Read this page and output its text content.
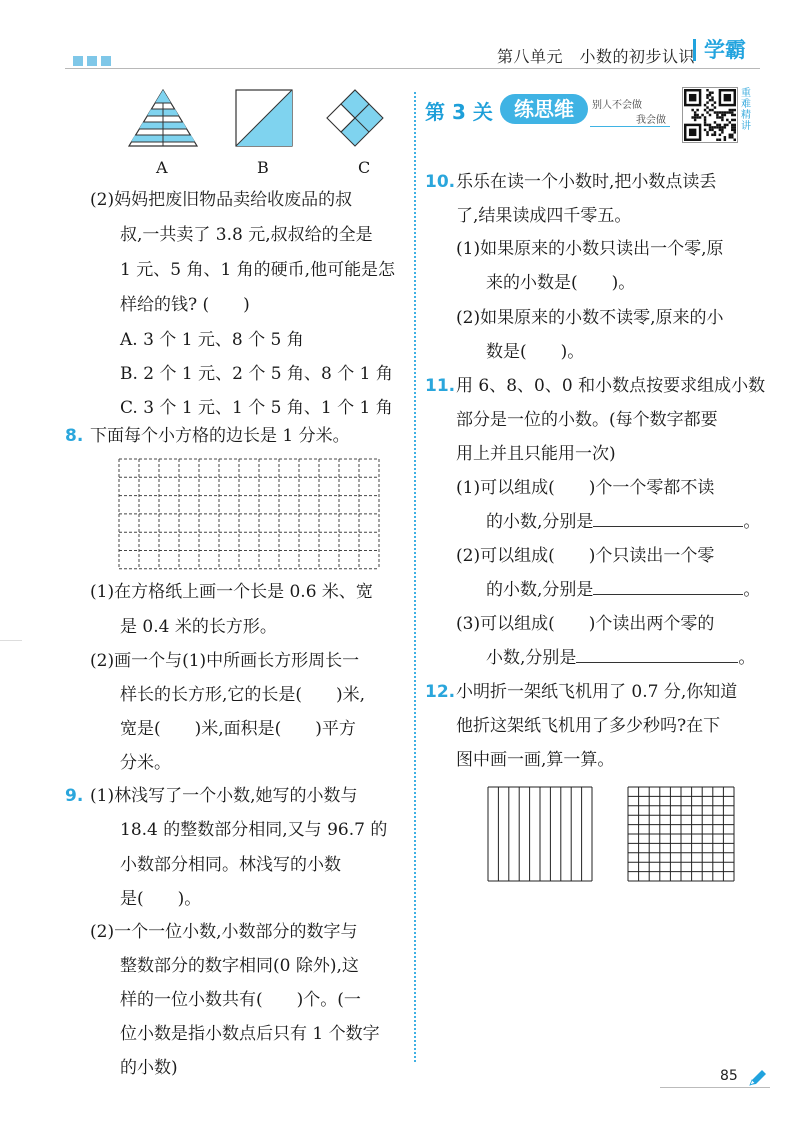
第八单元　小数的初步认识 学霸
A	B	C
(2)妈妈把废旧物品卖给收废品的叔
叔,一共卖了 3.8 元,叔叔给的全是
1 元、5 角、1 角的硬币,他可能是怎
样给的钱? (　　)
A. 3 个 1 元、8 个 5 角
B. 2 个 1 元、2 个 5 角、8 个 1 角
C. 3 个 1 元、1 个 5 角、1 个 1 角
8. 下面每个小方格的边长是 1 分米。
(1)在方格纸上画一个长是 0.6 米、宽
是 0.4 米的长方形。
(2)画一个与(1)中所画长方形周长一
样长的长方形,它的长是(　　)米,
宽是(　　)米,面积是(　　)平方
分米。
9. (1)林浅写了一个小数,她写的小数与
18.4 的整数部分相同,又与 96.7 的
小数部分相同。林浅写的小数
是(　　)。
(2)一个一位小数,小数部分的数字与
整数部分的数字相同(0 除外),这
样的一位小数共有(　　)个。(一
位小数是指小数点后只有 1 个数字
的小数)
第 3 关	练思维	别人不会做
我会做
重难精讲
10. 乐乐在读一个小数时,把小数点读丢
了,结果读成四千零五。
(1)如果原来的小数只读出一个零,原
来的小数是(　　)。
(2)如果原来的小数不读零,原来的小
数是(　　)。
11. 用 6、8、0、0 和小数点按要求组成小数
部分是一位的小数。(每个数字都要
用上并且只能用一次)
(1)可以组成(　　)个一个零都不读
的小数,分别是	。
(2)可以组成(　　)个只读出一个零
的小数,分别是	。
(3)可以组成(　　)个读出两个零的
小数,分别是	。
12. 小明折一架纸飞机用了 0.7 分,你知道
他折这架纸飞机用了多少秒吗?在下
图中画一画,算一算。
85
